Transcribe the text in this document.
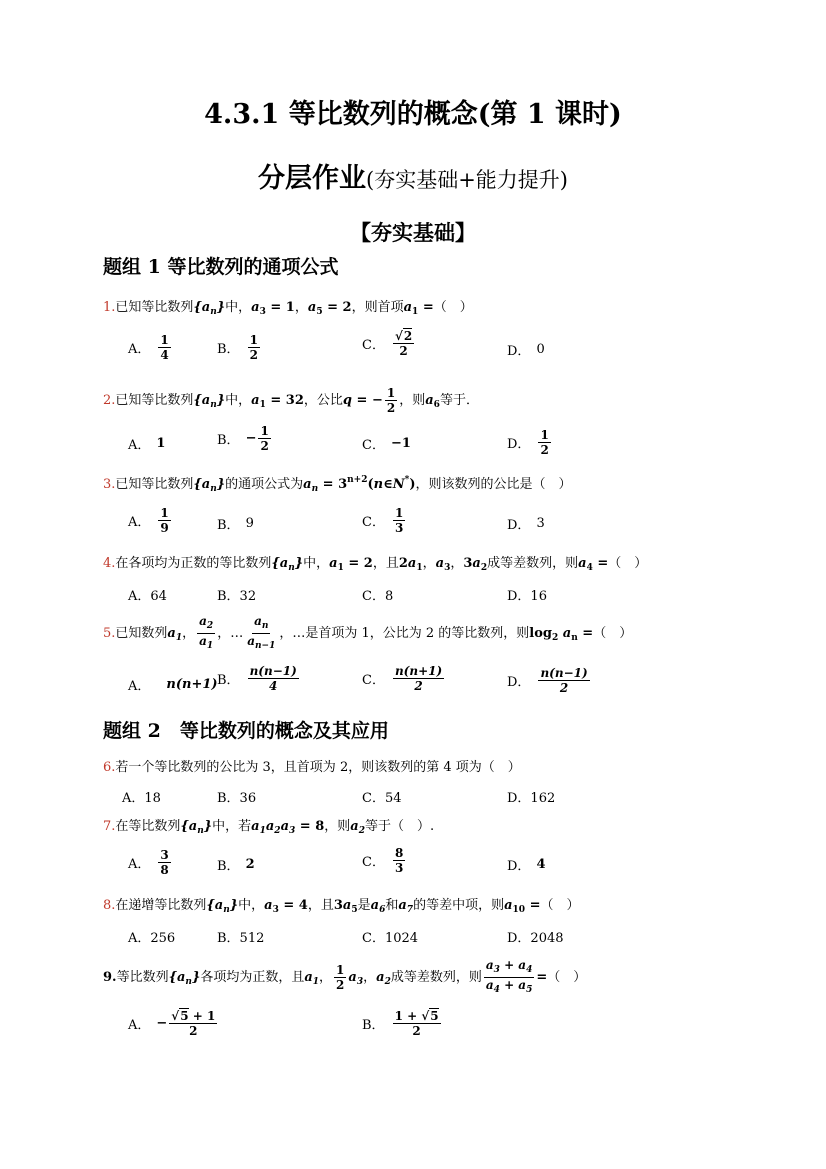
4.3.1 等比数列的概念(第 1 课时)
分层作业(夯实基础+能力提升)
【夯实基础】
题组 1 等比数列的通项公式
1.已知等比数列$\{a_n\}$中，$a_3 = 1$，$a_5 = 2$，则首项$a_1$ =（　）
A． $\frac{1}{4}$	B． $\frac{1}{2}$	C． $\frac{√2}{2}$	D． 0
2.已知等比数列$\{a_n\}$中，$a_1 = 32$，公比q = − $\frac{1}{2}$ ，则$a_6$等于．
A． 1	B． − $\frac{1}{2}$	C． −1	D． $\frac{1}{2}$
3.已知等比数列$\{a_n\}$的通项公式为$a_n$ = $3^{n+2}(n\in N^*)$，则该数列的公比是（　）
A． $\frac{1}{9}$	B． 9	C． $\frac{1}{3}$	D． 3
4.在各项均为正数的等比数列$\{a_n\}$中，$a_1 = 2$，且$2a_1$，$a_3$，$3a_2$成等差数列，则$a_4$ =（　）
A．64	B．32	C．8	D．16
5.已知数列$a_1$， $\frac{a_2}{a_1}$ ，… $\frac{a_n}{a_{n-1}}$ ，…是首项为 1，公比为 2 的等比数列，则$\log_2 a_n$ =（　）
A． n(n+1) B． $\frac{n(n-1)}{4}$	C． $\frac{n(n+1)}{2}$	D． $\frac{n(n-1)}{2}$
题组 2　等比数列的概念及其应用
6.若一个等比数列的公比为 3，且首项为 2，则该数列的第 4 项为（　）
A．18	B．36	C．54	D．162
7.在等比数列$\{a_n\}$中，若$a_1a_2a_3 = 8$，则$a_2$等于（　）.
A． $\frac{3}{8}$	B． 2	C． $\frac{8}{3}$	D． 4
8.在递增等比数列$\{a_n\}$中，$a_3 = 4$，且$3a_5$是$a_6$和$a_7$的等差中项，则$a_{10}$ =（　）
A．256	B．512	C．1024	D．2048
9.等比数列$\{a_n\}$各项均为正数，且$a_1$， $\frac{1}{2} a_3$，$a_2$成等差数列，则 $\frac{a_3 + a_4}{a_4 + a_5}$ =（　）
A． − $\frac{√5 + 1}{2}$	B． $\frac{1 + √5}{2}$
